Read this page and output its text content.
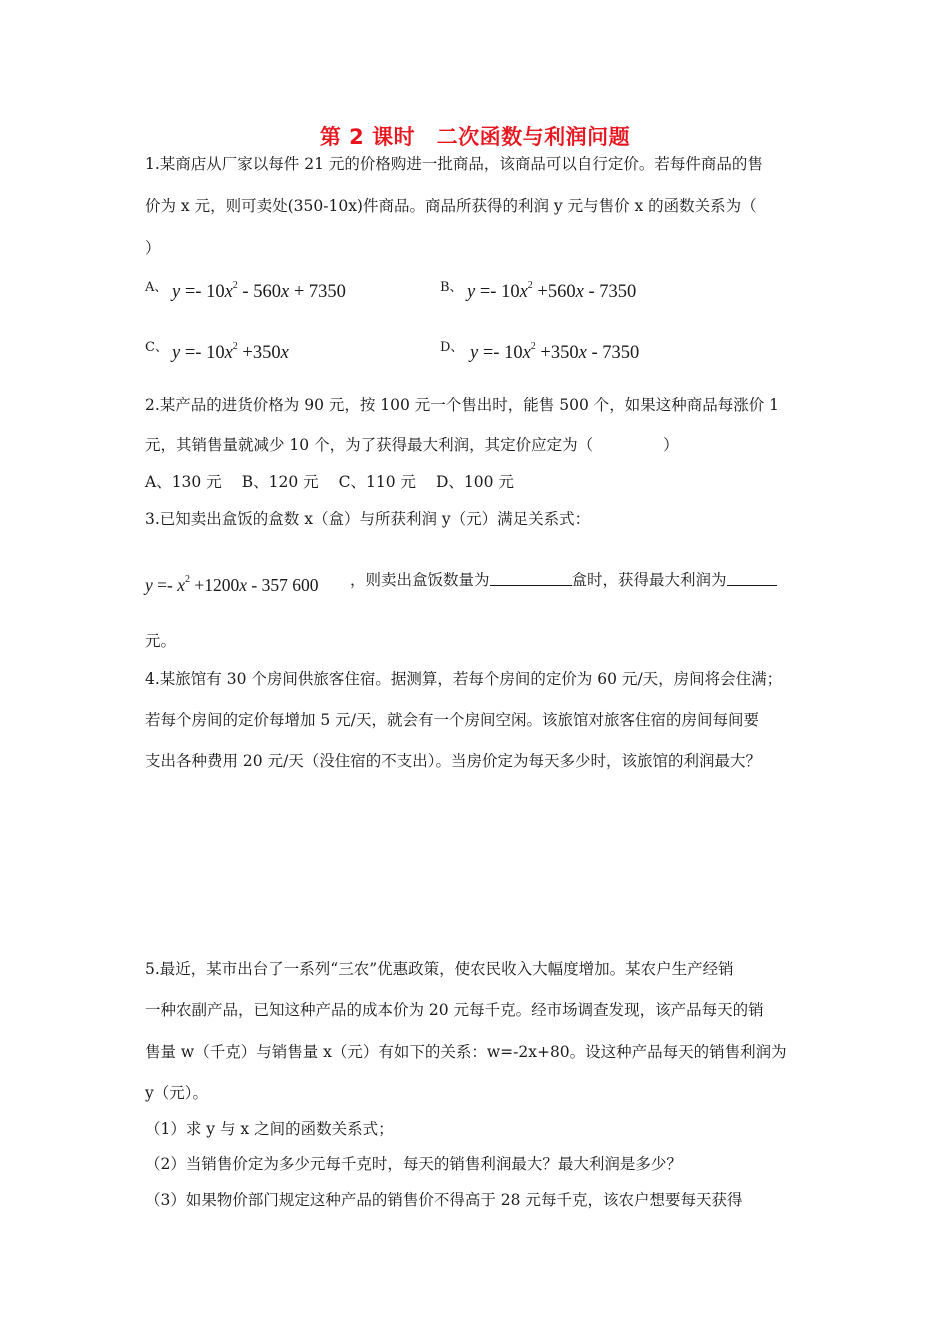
第 2 课时　二次函数与利润问题
1.某商店从厂家以每件 21 元的价格购进一批商品，该商品可以自行定价。若每件商品的售
价为 x 元，则可卖处(350-10x)件商品。商品所获得的利润 y 元与售价 x 的函数关系为（
）
A、 $y =- 10x^2 - 560x + 7350$	B、 $y =- 10x^2 +560x - 7350$
C、 $y =- 10x^2 +350x$	D、 $y =- 10x^2 +350x - 7350$
2.某产品的进货价格为 90 元，按 100 元一个售出时，能售 500 个，如果这种商品每涨价 1
元，其销售量就减少 10 个，为了获得最大利润，其定价应定为（	）
A、130 元 B、120 元 C、110 元 D、100 元
3.已知卖出盒饭的盒数 x（盒）与所获利润 y（元）满足关系式：
$y =- x^2 +1200x - 357$ 600 ，则卖出盒饭数量为	盒时，获得最大利润为
元。
4.某旅馆有 30 个房间供旅客住宿。据测算，若每个房间的定价为 60 元/天，房间将会住满；
若每个房间的定价每增加 5 元/天，就会有一个房间空闲。该旅馆对旅客住宿的房间每间要
支出各种费用 20 元/天（没住宿的不支出）。当房价定为每天多少时，该旅馆的利润最大？
5.最近，某市出台了一系列“三农”优惠政策，使农民收入大幅度增加。某农户生产经销
一种农副产品，已知这种产品的成本价为 20 元每千克。经市场调查发现，该产品每天的销
售量 w（千克）与销售量 x（元）有如下的关系：w=-2x+80。设这种产品每天的销售利润为
y（元）。
（1）求 y 与 x 之间的函数关系式；
（2）当销售价定为多少元每千克时，每天的销售利润最大？最大利润是多少？
（3）如果物价部门规定这种产品的销售价不得高于 28 元每千克，该农户想要每天获得
